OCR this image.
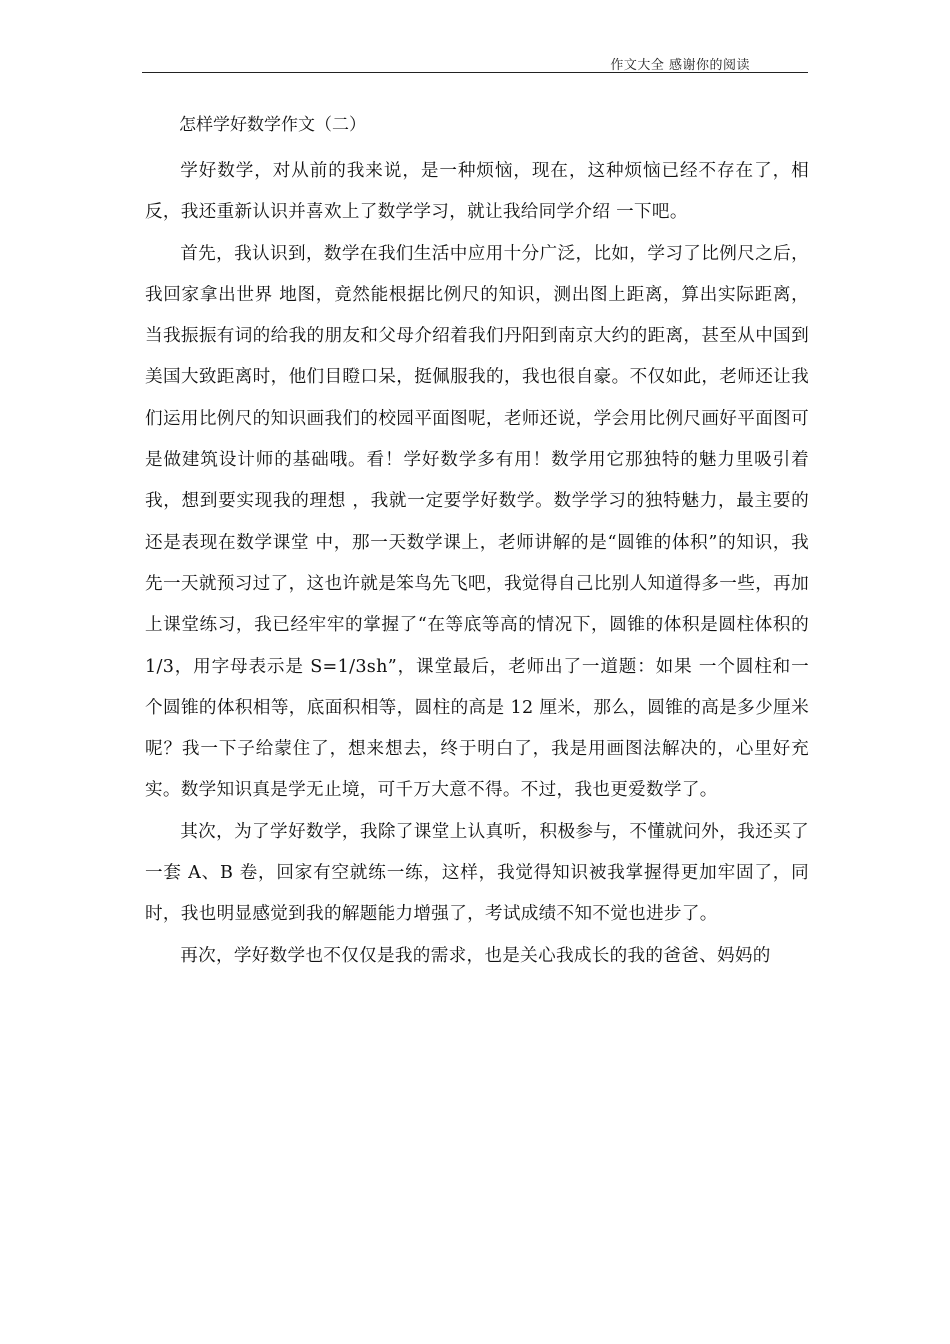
作文大全 感谢你的阅读
怎样学好数学作文（二）

学好数学，对从前的我来说，是一种烦恼，现在，这种烦恼已经不存在了，相反，我还重新认识并喜欢上了数学学习，就让我给同学介绍 一下吧。

首先，我认识到，数学在我们生活中应用十分广泛，比如，学习了比例尺之后，我回家拿出世界 地图，竟然能根据比例尺的知识，测出图上距离，算出实际距离，当我振振有词的给我的朋友和父母介绍着我们丹阳到南京大约的距离，甚至从中国到美国大致距离时，他们目瞪口呆，挺佩服我的，我也很自豪。不仅如此，老师还让我们运用比例尺的知识画我们的校园平面图呢，老师还说，学会用比例尺画好平面图可是做建筑设计师的基础哦。看！学好数学多有用！数学用它那独特的魅力里吸引着我，想到要实现我的理想 ，我就一定要学好数学。数学学习的独特魅力，最主要的还是表现在数学课堂 中，那一天数学课上，老师讲解的是“圆锥的体积”的知识，我先一天就预习过了，这也许就是笨鸟先飞吧，我觉得自己比别人知道得多一些，再加上课堂练习，我已经牢牢的掌握了“在等底等高的情况下，圆锥的体积是圆柱体积的 1/3，用字母表示是 S=1/3sh”，课堂最后，老师出了一道题：如果 一个圆柱和一个圆锥的体积相等，底面积相等，圆柱的高是 12 厘米，那么，圆锥的高是多少厘米呢？我一下子给蒙住了，想来想去，终于明白了，我是用画图法解决的，心里好充实。数学知识真是学无止境，可千万大意不得。不过，我也更爱数学了。

其次，为了学好数学，我除了课堂上认真听，积极参与，不懂就问外，我还买了一套 A、B 卷，回家有空就练一练，这样，我觉得知识被我掌握得更加牢固了，同时，我也明显感觉到我的解题能力增强了，考试成绩不知不觉也进步了。

再次，学好数学也不仅仅是我的需求，也是关心我成长的我的爸爸、妈妈的
